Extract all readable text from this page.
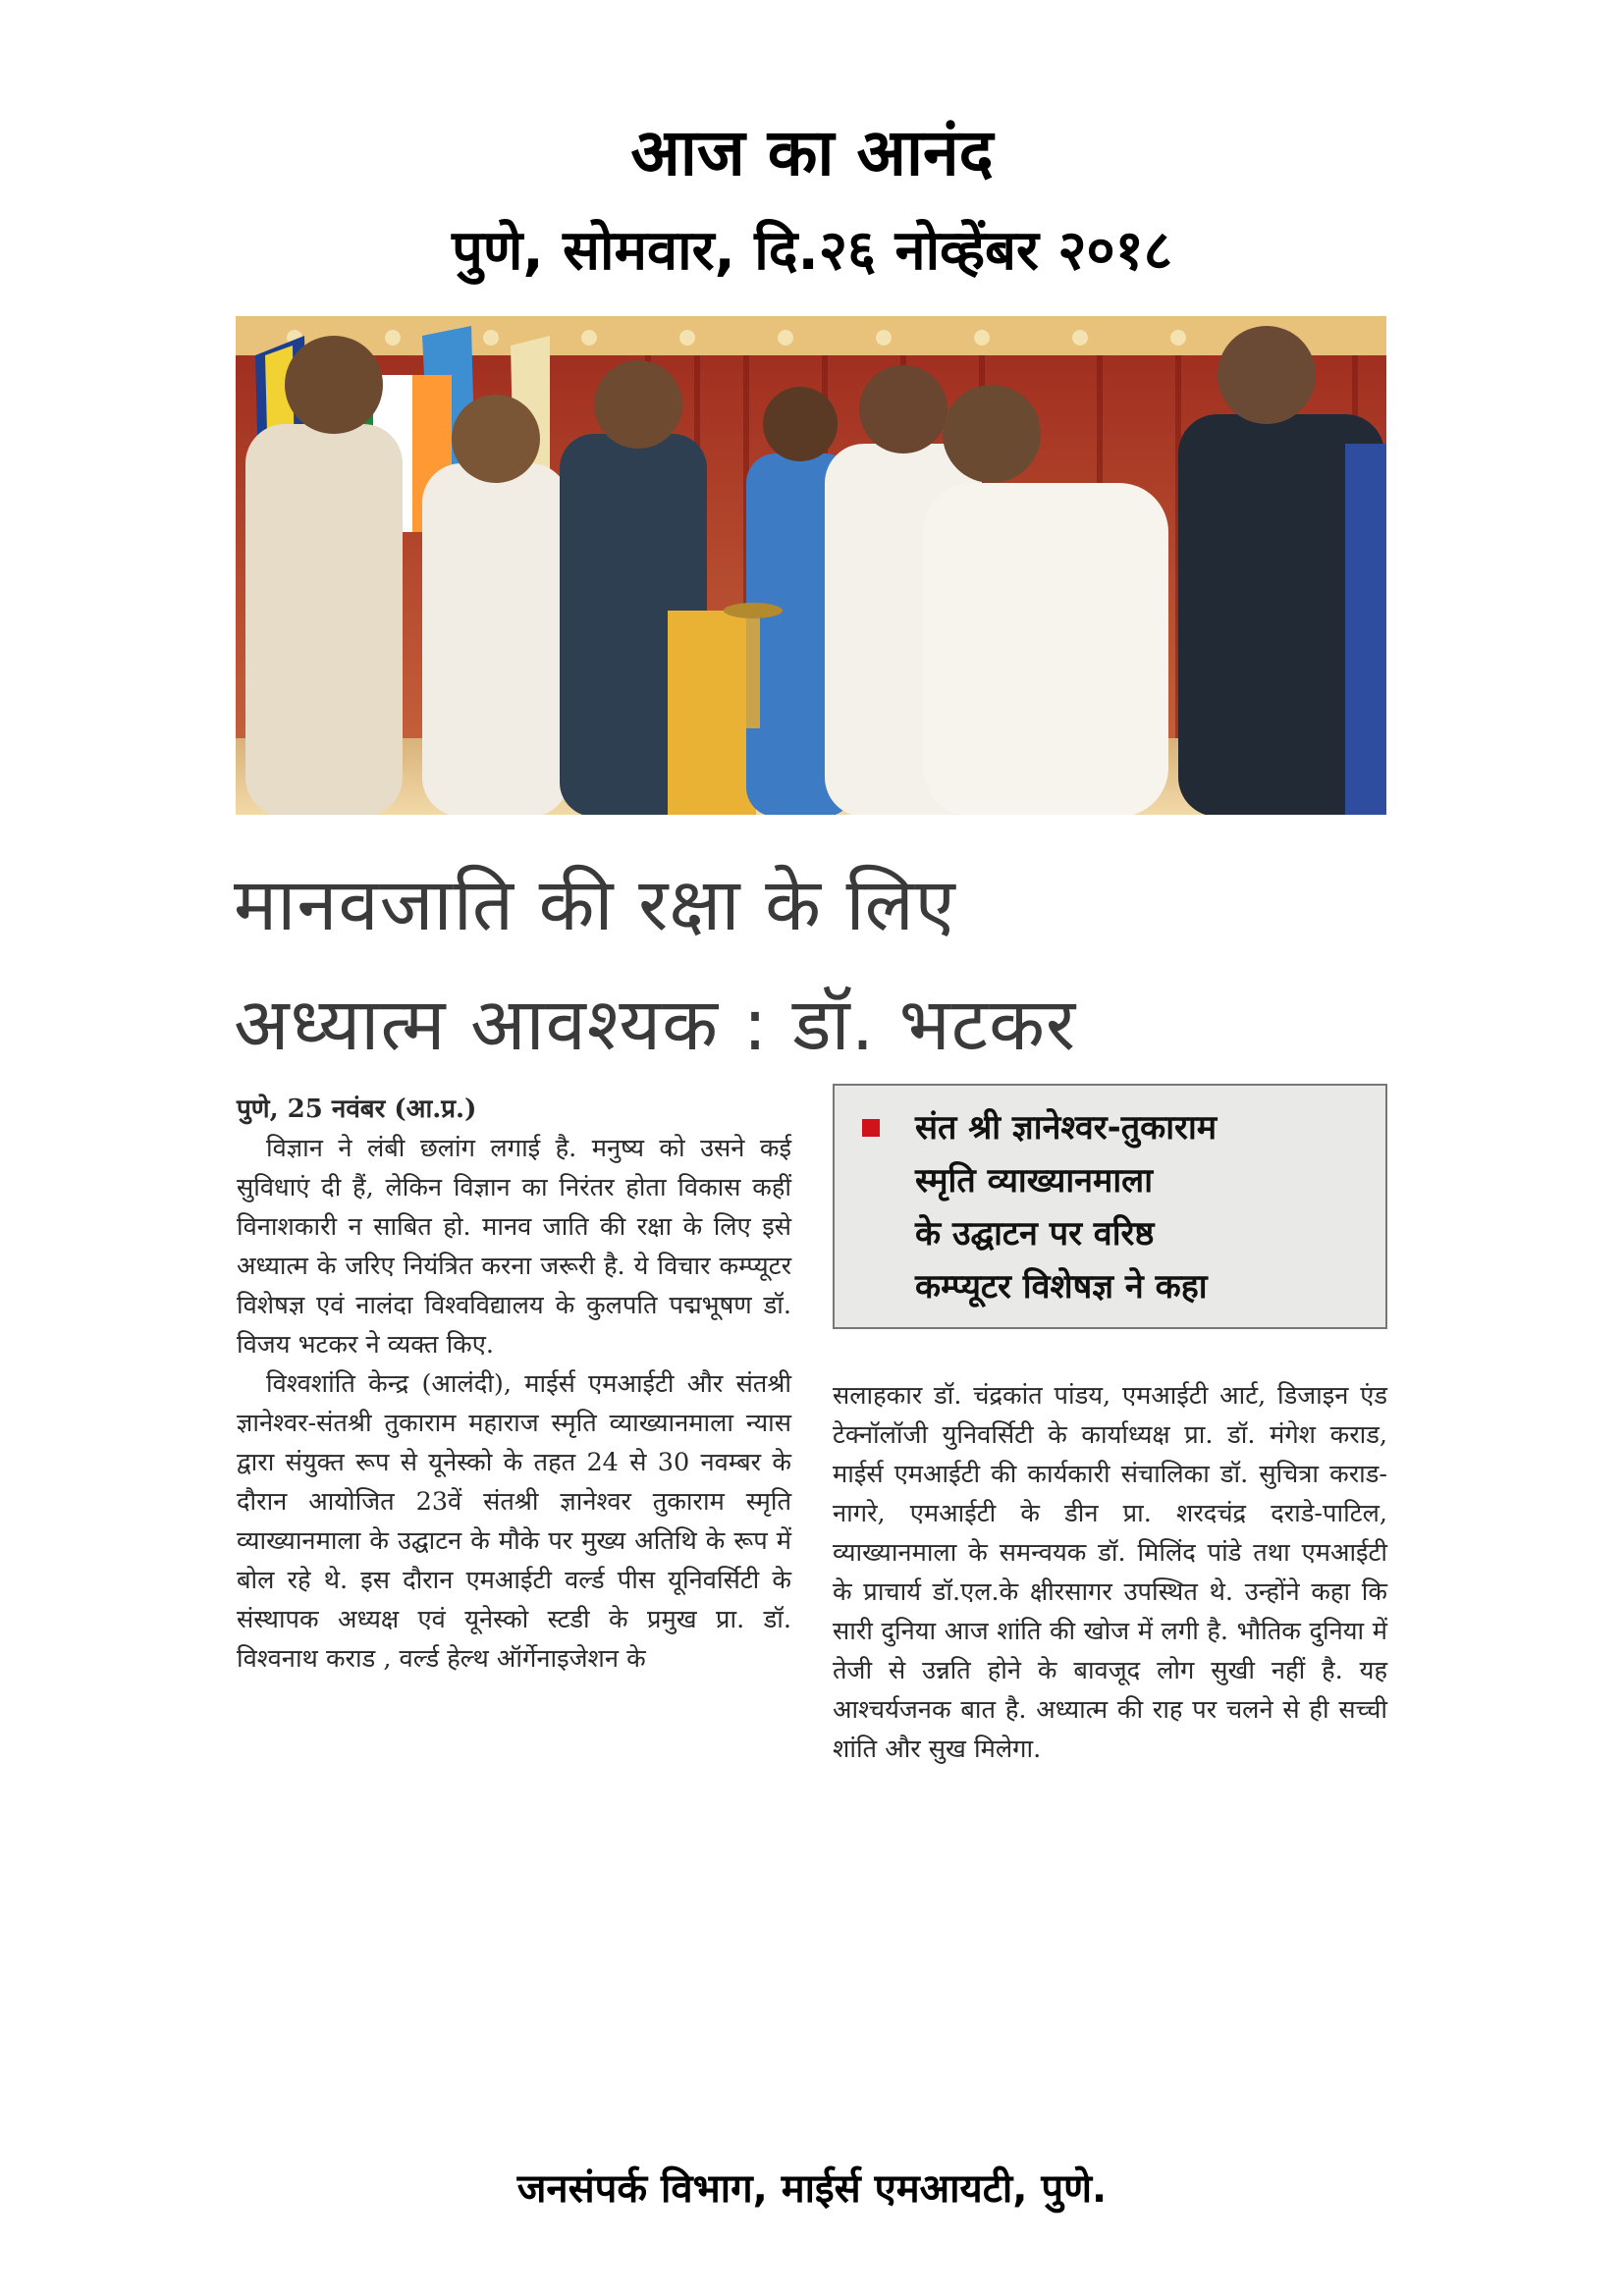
आज का आनंद
पुणे, सोमवार, दि.२६ नोव्हेंबर २०१८
मानवजाति की रक्षा के लिए
अध्यात्म आवश्यक : डॉ. भटकर

पुणे, 25 नवंबर (आ.प्र.)

विज्ञान ने लंबी छलांग लगाई है. मनुष्य को उसने कई सुविधाएं दी हैं, लेकिन विज्ञान का निरंतर होता विकास कहीं विनाशकारी न साबित हो. मानव जाति की रक्षा के लिए इसे अध्यात्म के जरिए नियंत्रित करना जरूरी है. ये विचार कम्प्यूटर विशेषज्ञ एवं नालंदा विश्वविद्यालय के कुलपति पद्मभूषण डॉ. विजय भटकर ने व्यक्त किए.

विश्वशांति केन्द्र (आलंदी), माईर्स एमआईटी और संतश्री ज्ञानेश्वर-संतश्री तुकाराम महाराज स्मृति व्याख्यानमाला न्यास द्वारा संयुक्त रूप से यूनेस्को के तहत 24 से 30 नवम्बर के दौरान आयोजित 23वें संतश्री ज्ञानेश्वर तुकाराम स्मृति व्याख्यानमाला के उद्घाटन के मौके पर मुख्य अतिथि के रूप में बोल रहे थे. इस दौरान एमआईटी वर्ल्ड पीस यूनिवर्सिटी के संस्थापक अध्यक्ष एवं यूनेस्को स्टडी के प्रमुख प्रा. डॉ. विश्वनाथ कराड , वर्ल्ड हेल्थ ऑर्गेनाइजेशन के

संत श्री ज्ञानेश्वर-तुकाराम
स्मृति व्याख्यानमाला
के उद्घाटन पर वरिष्ठ
कम्प्यूटर विशेषज्ञ ने कहा

सलाहकार डॉ. चंद्रकांत पांडय, एमआईटी आर्ट, डिजाइन एंड टेक्नॉलॉजी युनिवर्सिटी के कार्याध्यक्ष प्रा. डॉ. मंगेश कराड, माईर्स एमआईटी की कार्यकारी संचालिका डॉ. सुचित्रा कराड-नागरे, एमआईटी के डीन प्रा. शरदचंद्र दराडे-पाटिल, व्याख्यानमाला के समन्वयक डॉ. मिलिंद पांडे तथा एमआईटी के प्राचार्य डॉ.एल.के क्षीरसागर उपस्थित थे. उन्होंने कहा कि सारी दुनिया आज शांति की खोज में लगी है. भौतिक दुनिया में तेजी से उन्नति होने के बावजूद लोग सुखी नहीं है. यह आश्चर्यजनक बात है. अध्यात्म की राह पर चलने से ही सच्ची शांति और सुख मिलेगा.

जनसंपर्क विभाग, माईर्स एमआयटी, पुणे.
